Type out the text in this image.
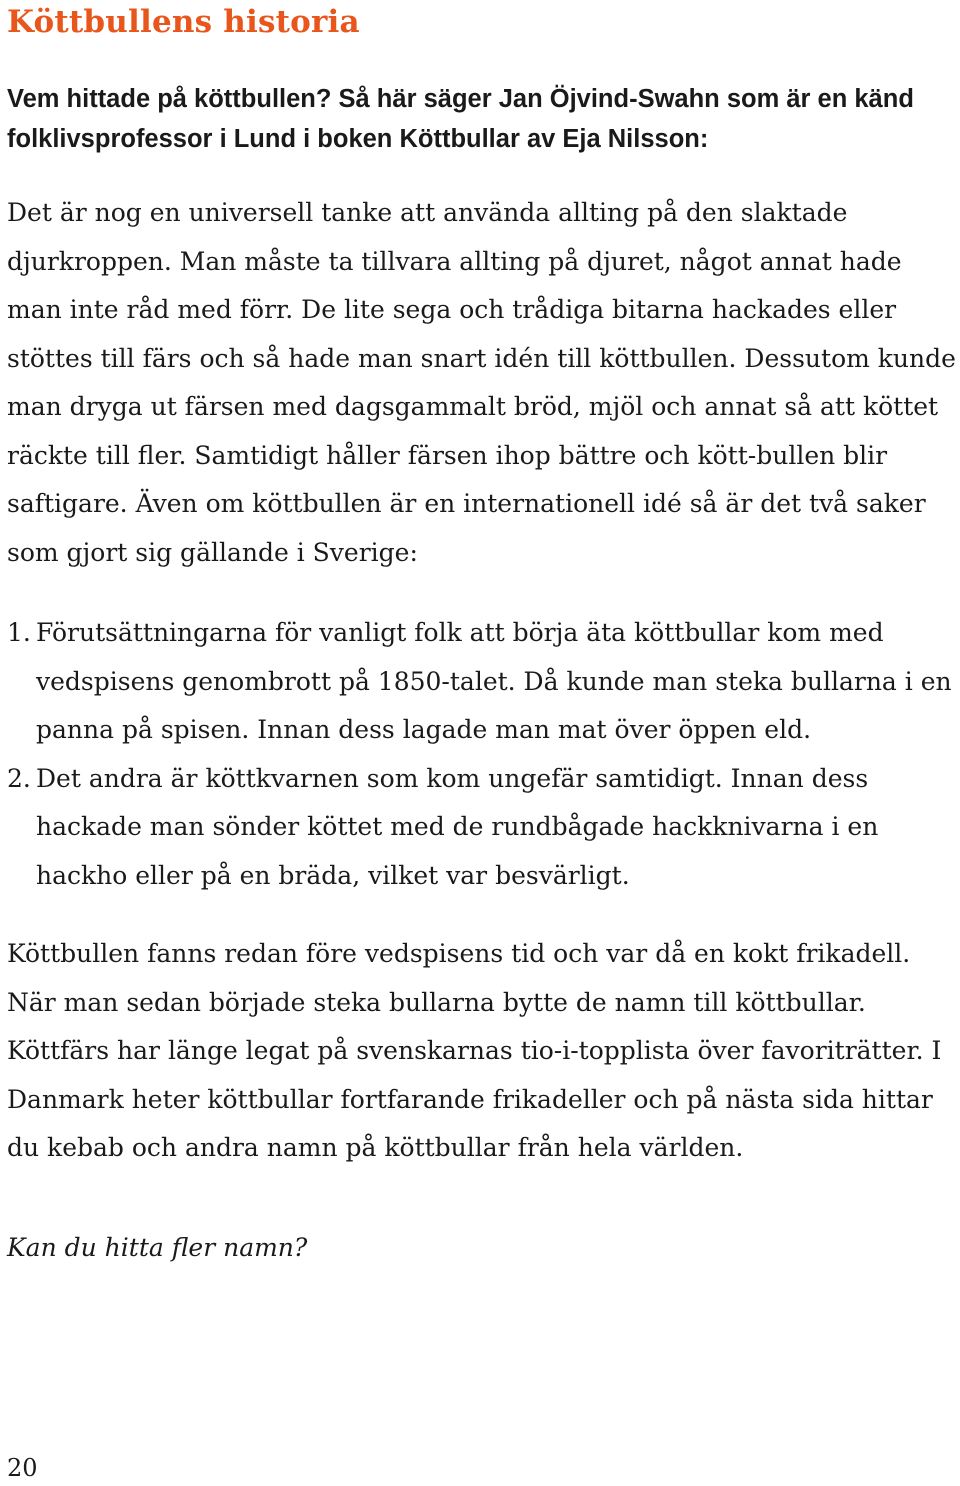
Köttbullens historia

Vem hittade på köttbullen? Så här säger Jan Öjvind-Swahn som är en känd folklivsprofessor i Lund i boken Köttbullar av Eja Nilsson:

Det är nog en universell tanke att använda allting på den slaktade djurkroppen. Man måste ta tillvara allting på djuret, något annat hade man inte råd med förr. De lite sega och trådiga bitarna hackades eller stöttes till färs och så hade man snart idén till köttbullen. Dessutom kunde man dryga ut färsen med dagsgammalt bröd, mjöl och annat så att köttet räckte till fler. Samtidigt håller färsen ihop bättre och kött-bullen blir saftigare. Även om köttbullen är en internationell idé så är det två saker som gjort sig gällande i Sverige:

1. Förutsättningarna för vanligt folk att börja äta köttbullar kom med vedspisens genombrott på 1850-talet. Då kunde man steka bullarna i en panna på spisen. Innan dess lagade man mat över öppen eld.
2. Det andra är köttkvarnen som kom ungefär samtidigt. Innan dess hackade man sönder köttet med de rundbågade hackknivarna i en hackho eller på en bräda, vilket var besvärligt.

Köttbullen fanns redan före vedspisens tid och var då en kokt frikadell. När man sedan började steka bullarna bytte de namn till köttbullar. Köttfärs har länge legat på svenskarnas tio-i-topplista över favoriträtter. I Danmark heter köttbullar fortfarande frikadeller och på nästa sida hittar du kebab och andra namn på köttbullar från hela världen.

Kan du hitta fler namn?

20
